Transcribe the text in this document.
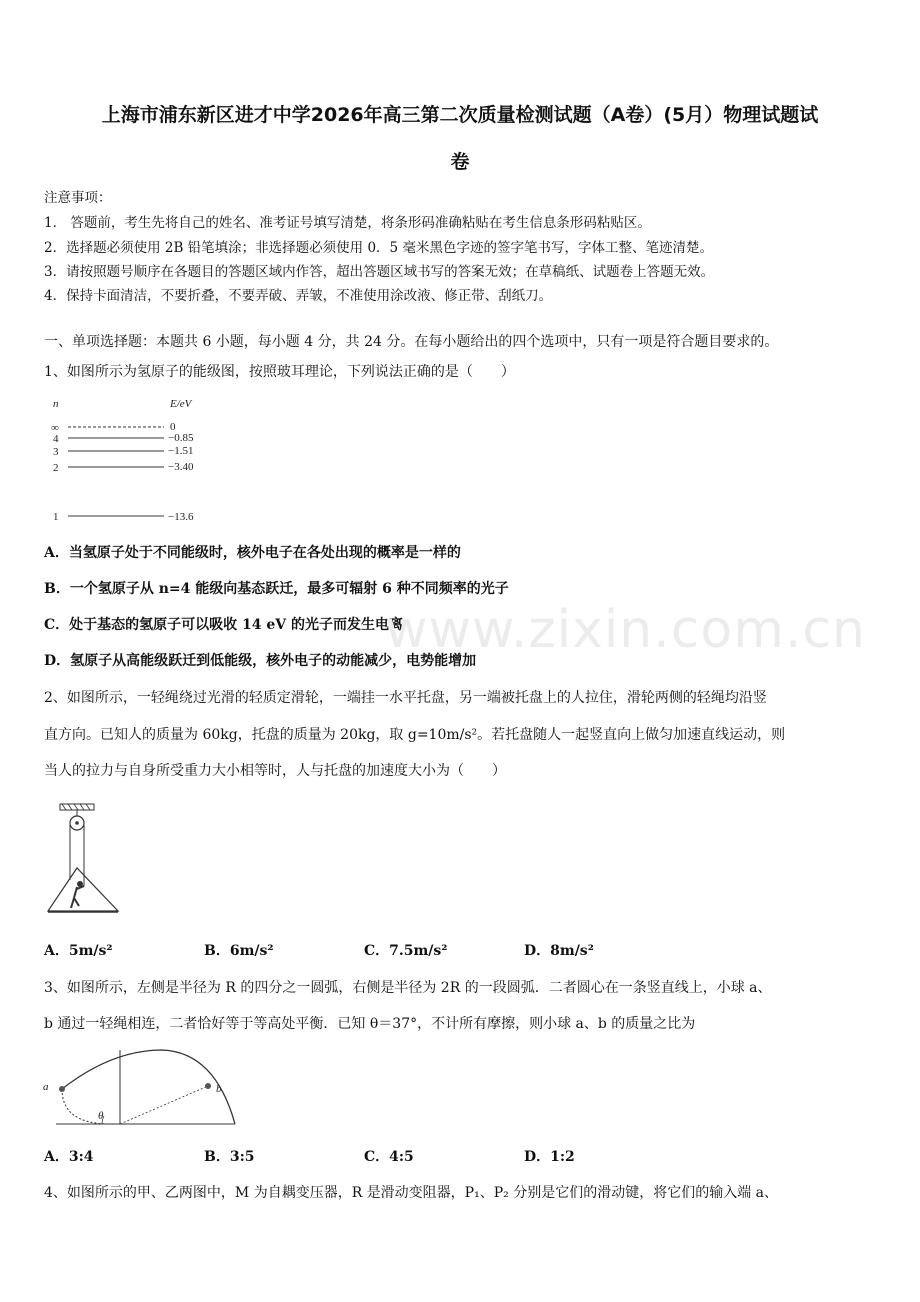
上海市浦东新区进才中学2026年高三第二次质量检测试题（A卷）(5月）物理试题试
卷
注意事项：
1． 答题前，考生先将自己的姓名、准考证号填写清楚，将条形码准确粘贴在考生信息条形码粘贴区。
2．选择题必须使用 2B 铅笔填涂；非选择题必须使用 0．5 毫米黑色字迹的签字笔书写，字体工整、笔迹清楚。
3．请按照题号顺序在各题目的答题区域内作答，超出答题区域书写的答案无效；在草稿纸、试题卷上答题无效。
4．保持卡面清洁，不要折叠，不要弄破、弄皱，不准使用涂改液、修正带、刮纸刀。
一、单项选择题：本题共 6 小题，每小题 4 分，共 24 分。在每小题给出的四个选项中，只有一项是符合题目要求的。
1、如图所示为氢原子的能级图，按照玻耳理论，下列说法正确的是（　　）
n	E/eV
∞
4
3
2
1
0
−0.85
−1.51
−3.40
−13.6
A．当氢原子处于不同能级时，核外电子在各处出现的概率是一样的
B．一个氢原子从 n=4 能级向基态跃迁，最多可辐射 6 种不同频率的光子
C．处于基态的氢原子可以吸收 14 eV 的光子而发生电离
D．氢原子从高能级跃迁到低能级，核外电子的动能减少，电势能增加
www.zixin.com.cn
2、如图所示，一轻绳绕过光滑的轻质定滑轮，一端挂一水平托盘，另一端被托盘上的人拉住，滑轮两侧的轻绳均沿竖
直方向。已知人的质量为 60kg，托盘的质量为 20kg，取 g=10m/s²。若托盘随人一起竖直向上做匀加速直线运动，则
当人的拉力与自身所受重力大小相等时，人与托盘的加速度大小为（　　）
A．5m/s²	B．6m/s²	C．7.5m/s²	D．8m/s²
3、如图所示，左侧是半径为 R 的四分之一圆弧，右侧是半径为 2R 的一段圆弧．二者圆心在一条竖直线上，小球 a、
b 通过一轻绳相连，二者恰好等于等高处平衡．已知 θ＝37°，不计所有摩擦，则小球 a、b 的质量之比为
a	b
θ
A．3:4	B．3:5	C．4:5	D．1:2
4、如图所示的甲、乙两图中，M 为自耦变压器，R 是滑动变阻器，P₁、P₂ 分别是它们的滑动键，将它们的输入端 a、
